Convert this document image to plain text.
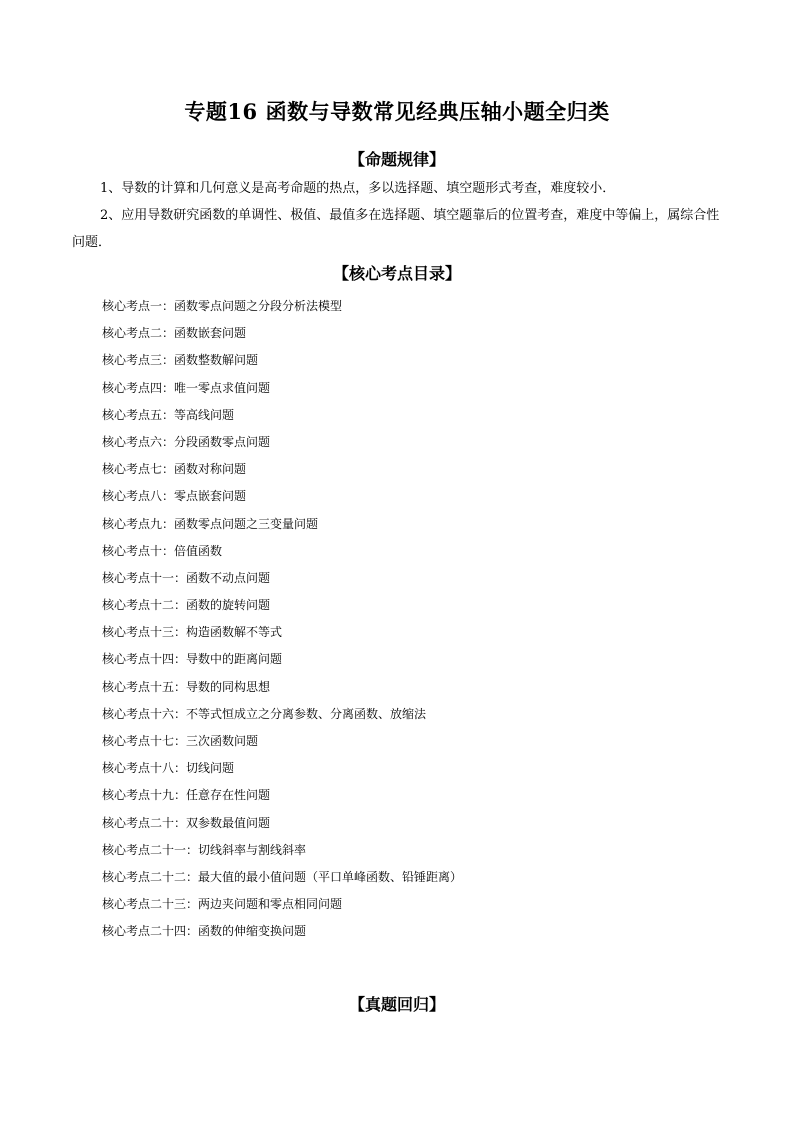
专题16 函数与导数常见经典压轴小题全归类
【命题规律】

1、导数的计算和几何意义是高考命题的热点，多以选择题、填空题形式考查，难度较小．

2、应用导数研究函数的单调性、极值、最值多在选择题、填空题靠后的位置考查，难度中等偏上，属综合性问题．

【核心考点目录】
核心考点一：函数零点问题之分段分析法模型
核心考点二：函数嵌套问题
核心考点三：函数整数解问题
核心考点四：唯一零点求值问题
核心考点五：等高线问题
核心考点六：分段函数零点问题
核心考点七：函数对称问题
核心考点八：零点嵌套问题
核心考点九：函数零点问题之三变量问题
核心考点十：倍值函数
核心考点十一：函数不动点问题
核心考点十二：函数的旋转问题
核心考点十三：构造函数解不等式
核心考点十四：导数中的距离问题
核心考点十五：导数的同构思想
核心考点十六：不等式恒成立之分离参数、分离函数、放缩法
核心考点十七：三次函数问题
核心考点十八：切线问题
核心考点十九：任意存在性问题
核心考点二十：双参数最值问题
核心考点二十一：切线斜率与割线斜率
核心考点二十二：最大值的最小值问题（平口单峰函数、铅锤距离）
核心考点二十三：两边夹问题和零点相同问题
核心考点二十四：函数的伸缩变换问题
【真题回归】
